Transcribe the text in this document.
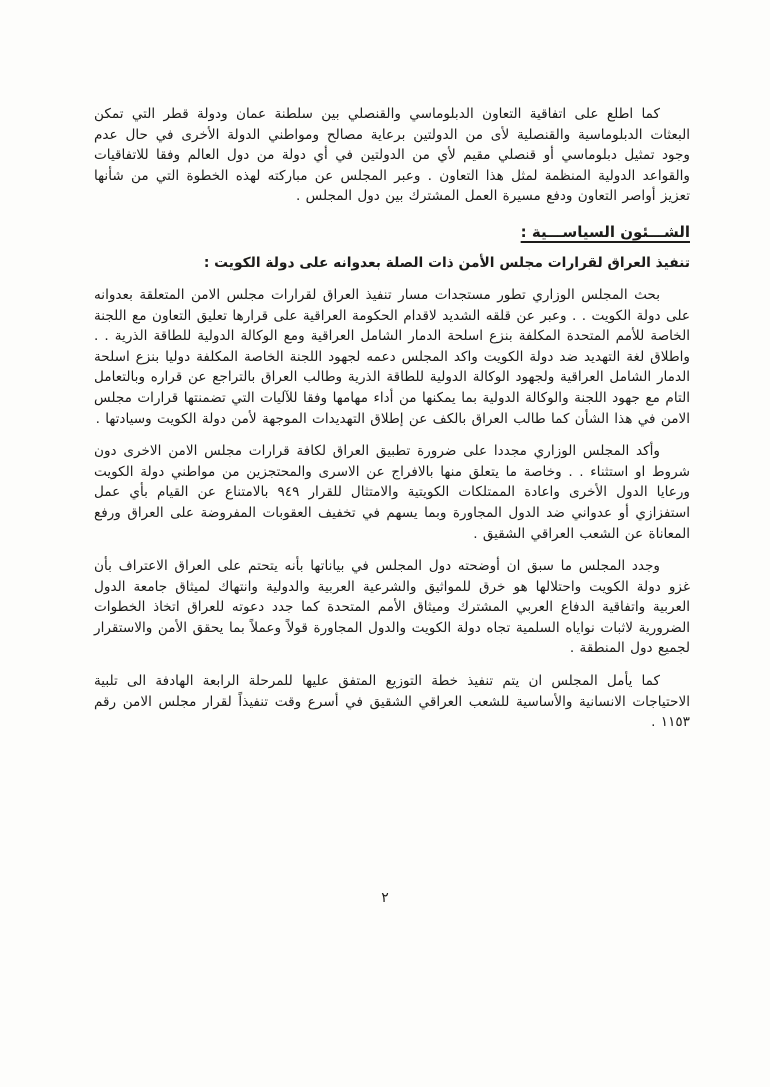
كما اطلع على اتفاقية التعاون الدبلوماسي والقنصلي بين سلطنة عمان ودولة قطر التي تمكن البعثات الدبلوماسية والقنصلية لأى من الدولتين برعاية مصالح ومواطني الدولة الأخرى في حال عدم وجود تمثيل دبلوماسي أو قنصلي مقيم لأي من الدولتين في أي دولة من دول العالم وفقا للاتفاقيات والقواعد الدولية المنظمة لمثل هذا التعاون . وعبر المجلس عن مباركته لهذه الخطوة التي من شأنها تعزيز أواصر التعاون ودفع مسيرة العمل المشترك بين دول المجلس .

الشـــئون السياســـية :
تنفيذ العراق لقرارات مجلس الأمن ذات الصلة بعدوانه على دولة الكويت :

بحث المجلس الوزاري تطور مستجدات مسار تنفيذ العراق لقرارات مجلس الامن المتعلقة بعدوانه على دولة الكويت . . وعبر عن قلقه الشديد لاقدام الحكومة العراقية على قرارها تعليق التعاون مع اللجنة الخاصة للأمم المتحدة المكلفة بنزع اسلحة الدمار الشامل العراقية ومع الوكالة الدولية للطاقة الذرية . . واطلاق لغة التهديد ضد دولة الكويت واكد المجلس دعمه لجهود اللجنة الخاصة المكلفة دوليا بنزع اسلحة الدمار الشامل العراقية ولجهود الوكالة الدولية للطاقة الذرية وطالب العراق بالتراجع عن قراره وبالتعامل التام مع جهود اللجنة والوكالة الدولية بما يمكنها من أداء مهامها وفقا للآليات التي تضمنتها قرارات مجلس الامن في هذا الشأن كما طالب العراق بالكف عن إطلاق التهديدات الموجهة لأمن دولة الكويت وسيادتها .

وأكد المجلس الوزاري مجددا على ضرورة تطبيق العراق لكافة قرارات مجلس الامن الاخرى دون شروط او استثناء . . وخاصة ما يتعلق منها بالافراج عن الاسرى والمحتجزين من مواطني دولة الكويت ورعايا الدول الأخرى واعادة الممتلكات الكويتية والامتثال للقرار ٩٤٩ بالامتناع عن القيام بأي عمل استفزازي أو عدواني ضد الدول المجاورة وبما يسهم في تخفيف العقوبات المفروضة على العراق ورفع المعاناة عن الشعب العراقي الشقيق .

وجدد المجلس ما سبق ان أوضحته دول المجلس في بياناتها بأنه يتحتم على العراق الاعتراف بأن غزو دولة الكويت واحتلالها هو خرق للمواثيق والشرعية العربية والدولية وانتهاك لميثاق جامعة الدول العربية واتفاقية الدفاع العربي المشترك وميثاق الأمم المتحدة كما جدد دعوته للعراق اتخاذ الخطوات الضرورية لاثبات نواياه السلمية تجاه دولة الكويت والدول المجاورة قولاً وعملاً بما يحقق الأمن والاستقرار لجميع دول المنطقة .

كما يأمل المجلس ان يتم تنفيذ خطة التوزيع المتفق عليها للمرحلة الرابعة الهادفة الى تلبية الاحتياجات الانسانية والأساسية للشعب العراقي الشقيق في أسرع وقت تنفيذاً لقرار مجلس الامن رقم ١١٥٣ .

٢
